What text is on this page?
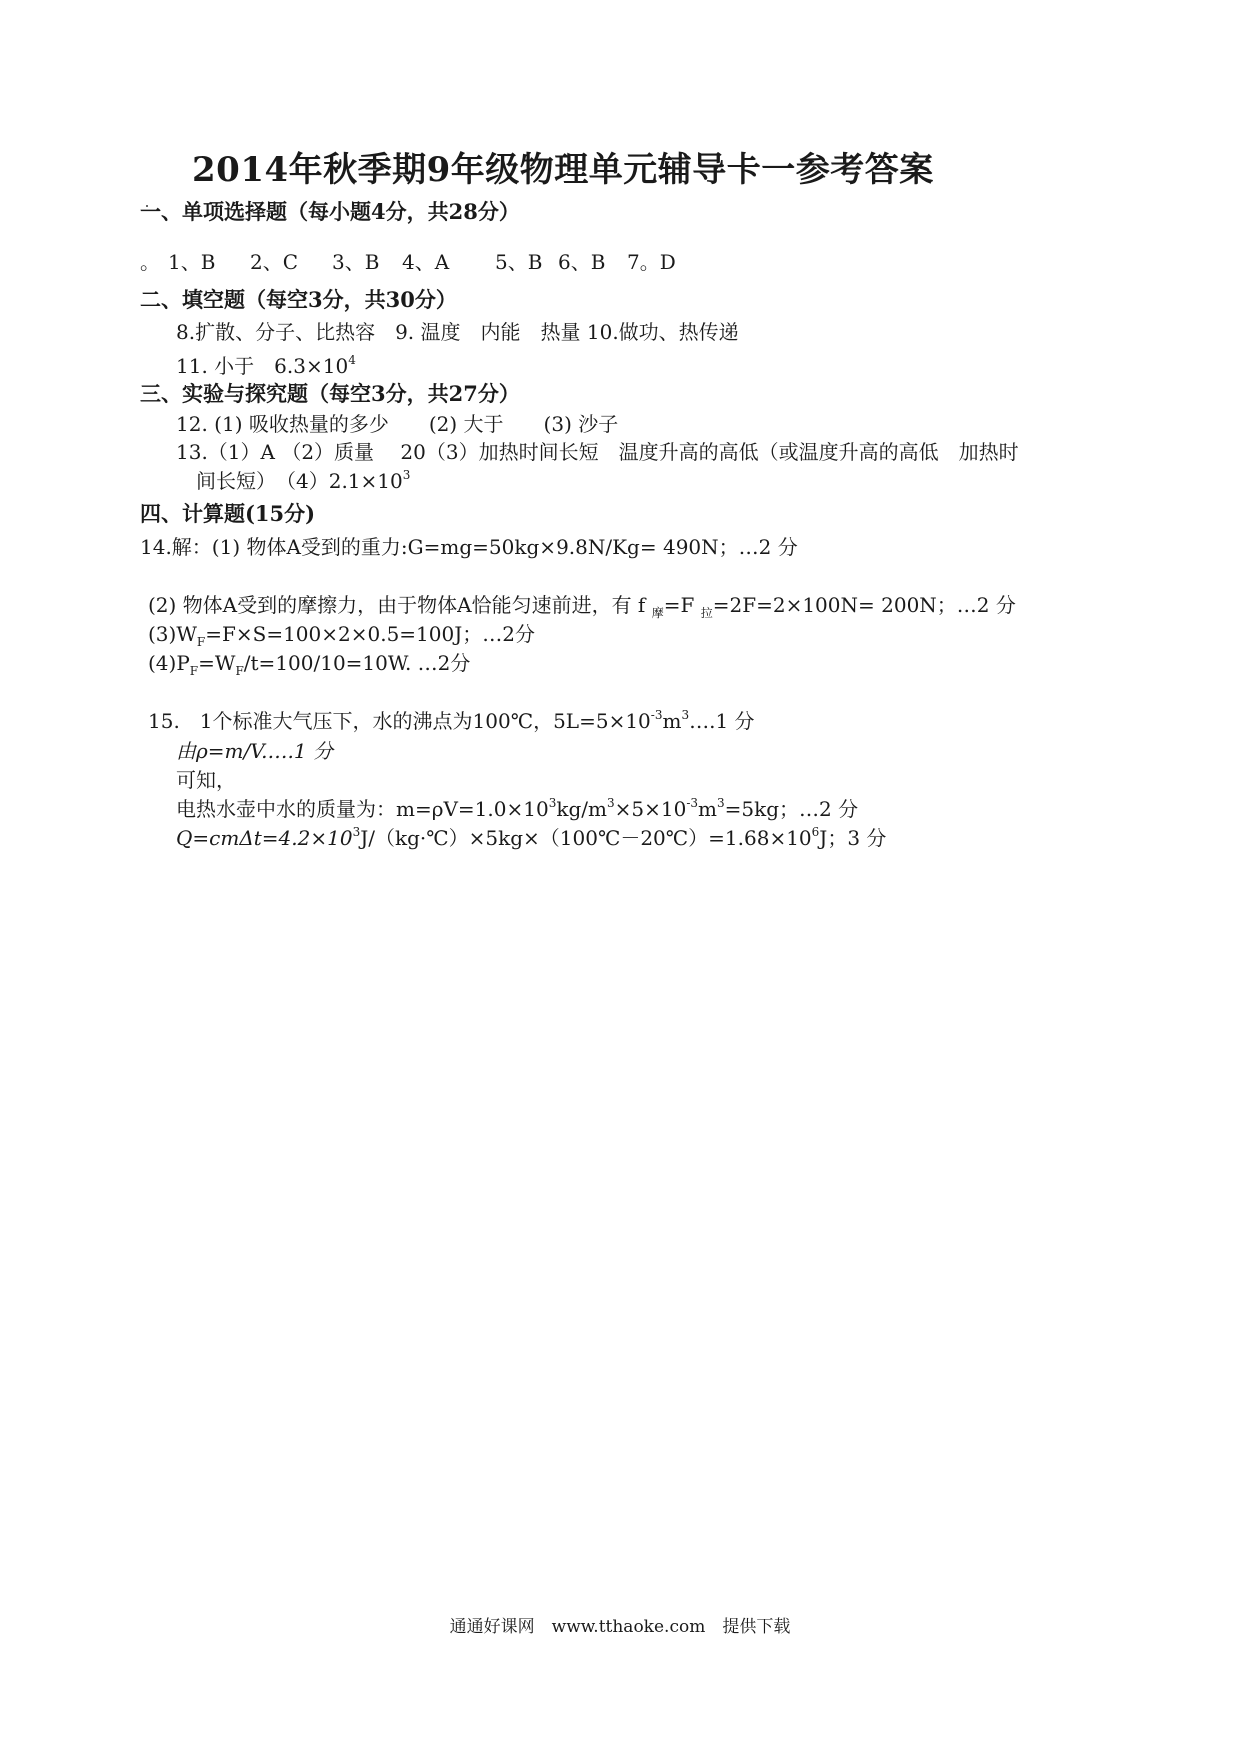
2014年秋季期9年级物理单元辅导卡一参考答案
一、单项选择题（每小题4分，共28分）
。 1、B 2、C 3、B 4、A 5、B 6、B 7。D
二、填空题（每空3分，共30分）
8.扩散、分子、比热容　9. 温度　内能　热量 10.做功、热传递
11. 小于　$6.3\times 10^4$
三、实验与探究题（每空3分，共27分）
12. (1) 吸收热量的多少　　(2) 大于　　(3) 沙子
13.（1）A （2）质量　 20（3）加热时间长短　温度升高的高低（或温度升高的高低　加热时
间长短）　$(4)2.1\times 10^3$
四、计算题(15分)
14.解：(1) 物体A受到的重力:G=mg=50kg×9.8N/Kg= 490N；…2 分
(2) 物体A受到的摩擦力，由于物体A恰能匀速前进，有 f $_摩$=F $_拉$=2F=2×100N= 200N；…2 分
$(3)W_F=F\times S=100\times 2\times 0.5=100J$；…2分
$(4)P_F=W_F/t=100/10=10W$. …2分
15.　1个标准大气压下，水的沸点为100℃，$5L=5\times 10^{-3}m^3\dots.1$ 分
由ρ=m/V.….1 分
可知，
电热水壶中水的质量为：$m=\rho V=1.0\times 10^3kg/m^3\times 5\times 10^{-3}m^3=5kg$；…2 分
$Q=cm\Delta t=4.2\times 10^3J/(kg\cdot℃)\times 5kg\times(100℃-20℃)=1.68\times 10^6J$；3 分
通通好课网　www.tthaoke.com　提供下载
